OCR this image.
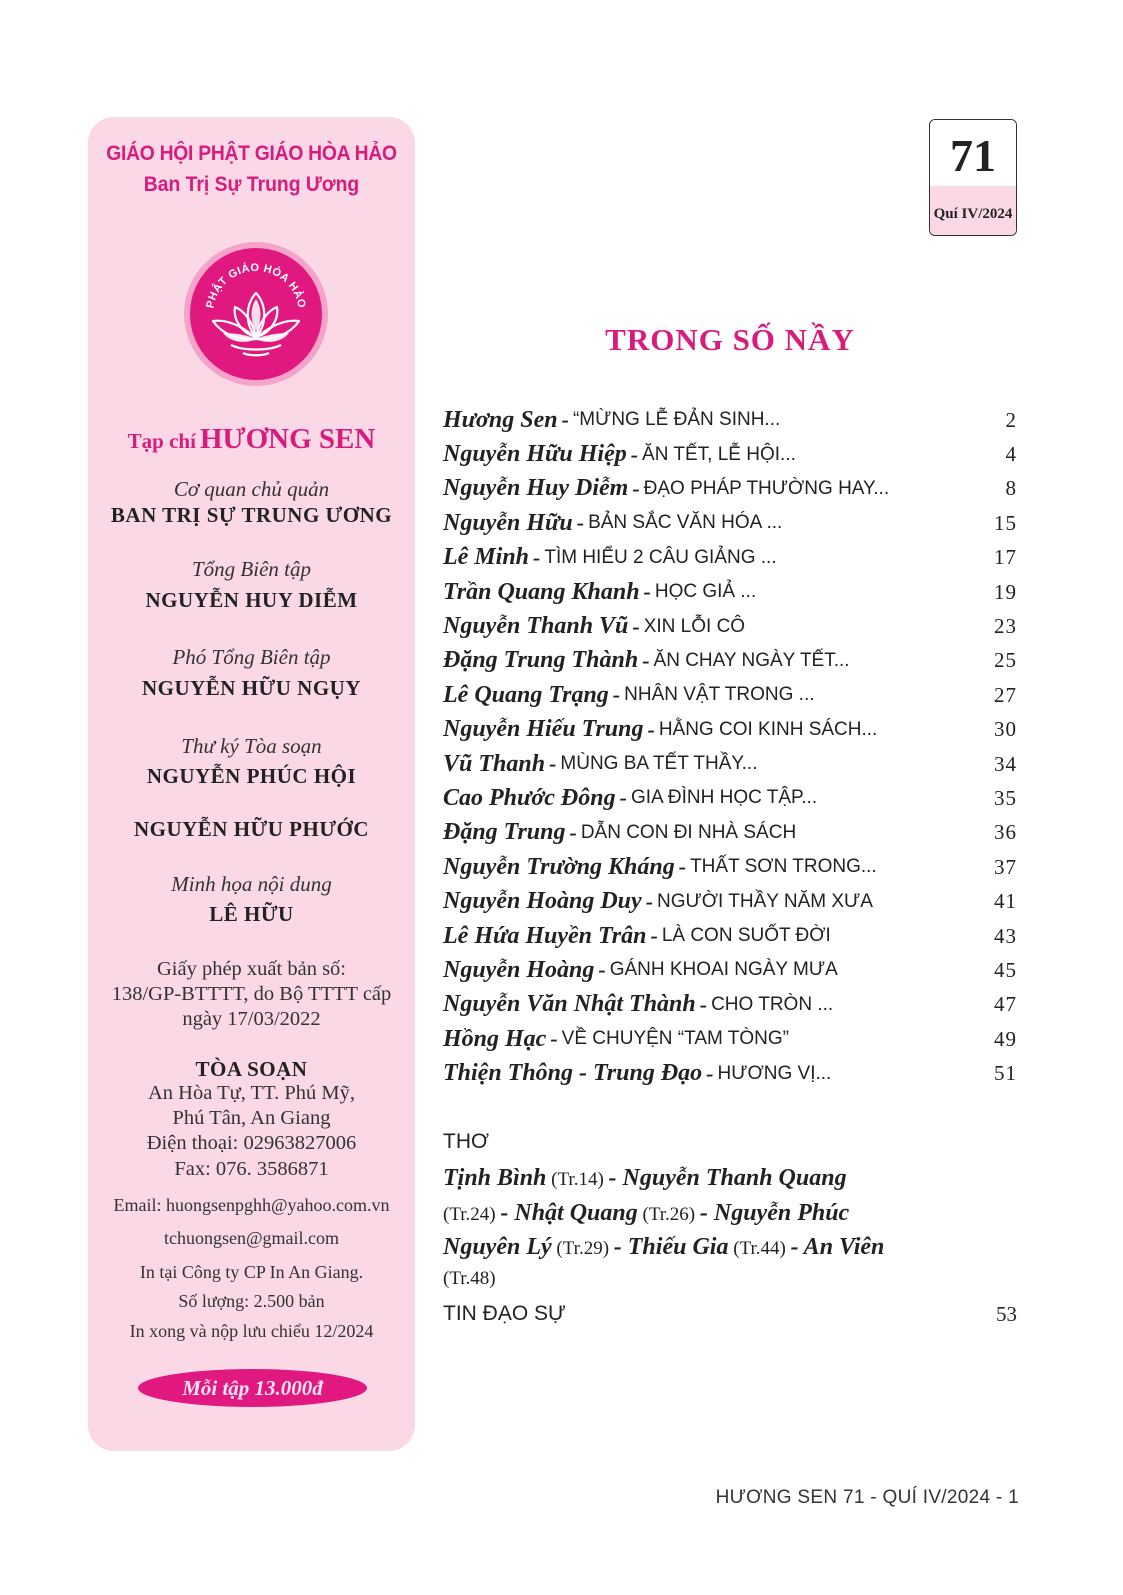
GIÁO HỘI PHẬT GIÁO HÒA HẢO
Ban Trị Sự Trung Ương
PHẬT GIÁO HÒA HẢO
Tạp chí HƯƠNG SEN
Cơ quan chủ quản
BAN TRỊ SỰ TRUNG ƯƠNG
Tổng Biên tập
NGUYỄN HUY DIỄM
Phó Tổng Biên tập
NGUYỄN HỮU NGỤY
Thư ký Tòa soạn
NGUYỄN PHÚC HỘI
NGUYỄN HỮU PHƯỚC
Minh họa nội dung
LÊ HỮU
Giấy phép xuất bản số:
138/GP-BTTTT, do Bộ TTTT cấp
ngày 17/03/2022
TÒA SOẠN
An Hòa Tự, TT. Phú Mỹ,
Phú Tân, An Giang
Điện thoại: 02963827006
Fax: 076. 3586871
Email: huongsenpghh@yahoo.com.vn
tchuongsen@gmail.com
In tại Công ty CP In An Giang.
Số lượng: 2.500 bản
In xong và nộp lưu chiểu 12/2024
Mỗi tập 13.000đ
71
Quí IV/2024
TRONG SỐ NẦY
Hương Sen - “MỪNG LỄ ĐẢN SINH...	2
Nguyễn Hữu Hiệp - ĂN TẾT, LỄ HỘI...	4
Nguyễn Huy Diễm - ĐẠO PHÁP THƯỜNG HAY...	8
Nguyễn Hữu - BẢN SẮC VĂN HÓA ...	15
Lê Minh - TÌM HIỂU 2 CÂU GIẢNG ...	17
Trần Quang Khanh - HỌC GIẢ ...	19
Nguyễn Thanh Vũ - XIN LỖI CÔ	23
Đặng Trung Thành - ĂN CHAY NGÀY TẾT...	25
Lê Quang Trạng - NHÂN VẬT TRONG ...	27
Nguyễn Hiếu Trung - HẰNG COI KINH SÁCH...	30
Vũ Thanh - MÙNG BA TẾT THẦY...	34
Cao Phước Đông - GIA ĐÌNH HỌC TẬP...	35
Đặng Trung - DẪN CON ĐI NHÀ SÁCH	36
Nguyễn Trường Kháng - THẤT SƠN TRONG...	37
Nguyễn Hoàng Duy - NGƯỜI THẦY NĂM XƯA	41
Lê Hứa Huyền Trân - LÀ CON SUỐT ĐỜI	43
Nguyễn Hoàng - GÁNH KHOAI NGÀY MƯA	45
Nguyễn Văn Nhật Thành - CHO TRÒN ...	47
Hồng Hạc - VỀ CHUYỆN “TAM TÒNG”	49
Thiện Thông - Trung Đạo - HƯƠNG VỊ...	51
THƠ
Tịnh Bình (Tr.14) - Nguyễn Thanh Quang
(Tr.24) - Nhật Quang (Tr.26) - Nguyễn Phúc
Nguyên Lý (Tr.29) - Thiếu Gia (Tr.44) - An Viên
(Tr.48)
TIN ĐẠO SỰ	53
HƯƠNG SEN 71 - QUÍ IV/2024 - 1
